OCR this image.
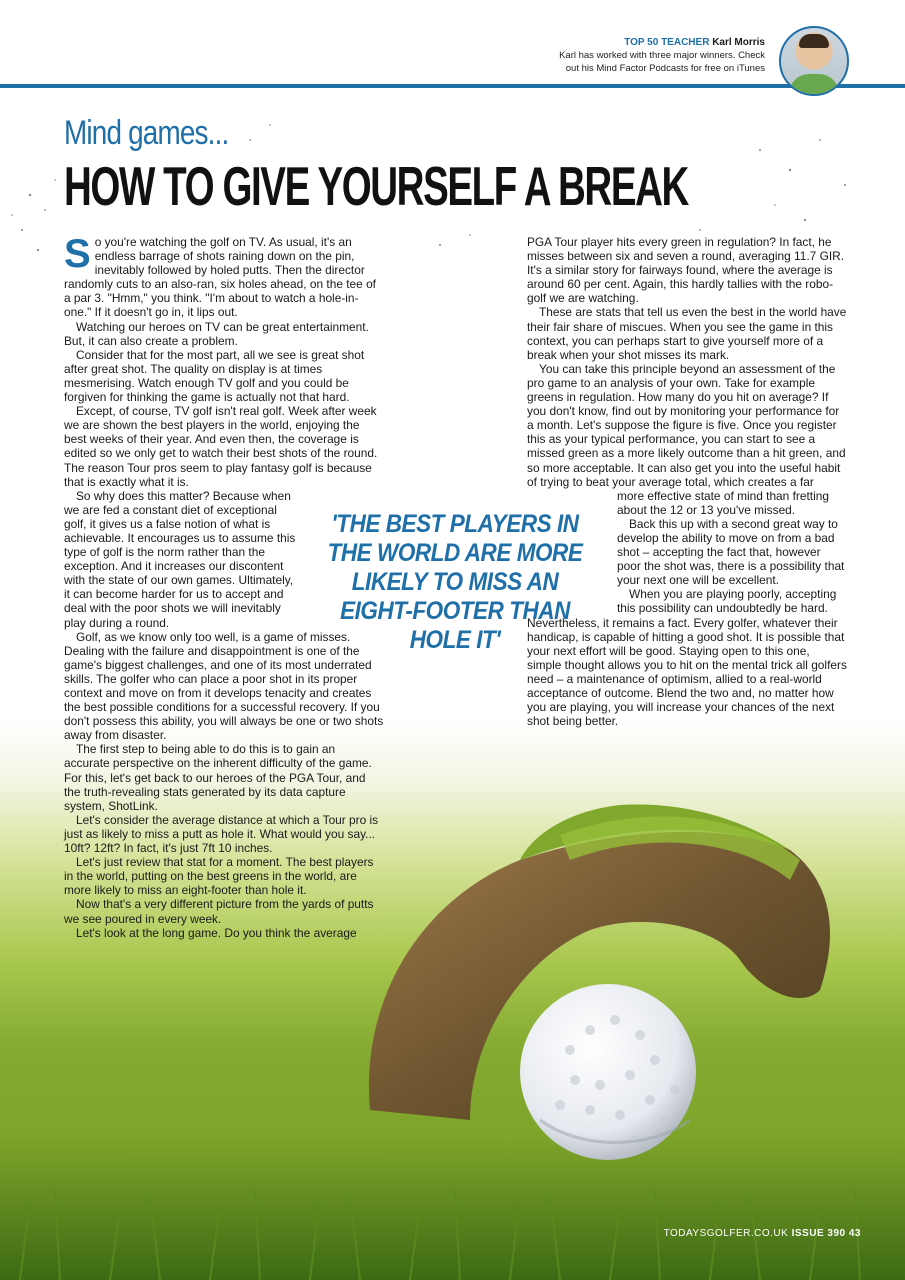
TOP 50 TEACHER Karl Morris
Karl has worked with three major winners. Check
out his Mind Factor Podcasts for free on iTunes
Mind games...
HOW TO GIVE YOURSELF A BREAK

So you're watching the golf on TV. As usual, it's an endless barrage of shots raining down on the pin, inevitably followed by holed putts. Then the director randomly cuts to an also-ran, six holes ahead, on the tee of a par 3. "Hmm," you think. "I'm about to watch a hole-in-one." If it doesn't go in, it lips out.

Watching our heroes on TV can be great entertainment. But, it can also create a problem.

Consider that for the most part, all we see is great shot after great shot. The quality on display is at times mesmerising. Watch enough TV golf and you could be forgiven for thinking the game is actually not that hard.

Except, of course, TV golf isn't real golf. Week after week we are shown the best players in the world, enjoying the best weeks of their year. And even then, the coverage is edited so we only get to watch their best shots of the round. The reason Tour pros seem to play fantasy golf is because that is exactly what it is.

So why does this matter? Because when we are fed a constant diet of exceptional golf, it gives us a false notion of what is achievable. It encourages us to assume this type of golf is the norm rather than the exception. And it increases our discontent with the state of our own games. Ultimately, it can become harder for us to accept and deal with the poor shots we will inevitably play during a round.

Golf, as we know only too well, is a game of misses. Dealing with the failure and disappointment is one of the game's biggest challenges, and one of its most underrated skills. The golfer who can place a poor shot in its proper context and move on from it develops tenacity and creates the best possible conditions for a successful recovery. If you don't possess this ability, you will always be one or two shots away from disaster.

The first step to being able to do this is to gain an accurate perspective on the inherent difficulty of the game. For this, let's get back to our heroes of the PGA Tour, and the truth-revealing stats generated by its data capture system, ShotLink.

Let's consider the average distance at which a Tour pro is just as likely to miss a putt as hole it. What would you say... 10ft? 12ft? In fact, it's just 7ft 10 inches.

Let's just review that stat for a moment. The best players in the world, putting on the best greens in the world, are more likely to miss an eight-footer than hole it.

Now that's a very different picture from the yards of putts we see poured in every week.

Let's look at the long game. Do you think the average

PGA Tour player hits every green in regulation? In fact, he misses between six and seven a round, averaging 11.7 GIR. It's a similar story for fairways found, where the average is around 60 per cent. Again, this hardly tallies with the robo-golf we are watching.

These are stats that tell us even the best in the world have their fair share of miscues. When you see the game in this context, you can perhaps start to give yourself more of a break when your shot misses its mark.

You can take this principle beyond an assessment of the pro game to an analysis of your own. Take for example greens in regulation. How many do you hit on average? If you don't know, find out by monitoring your performance for a month. Let's suppose the figure is five. Once you register this as your typical performance, you can start to see a missed green as a more likely outcome than a hit green, and so more acceptable. It can also get you into the useful habit of trying to beat your average total, which creates a far

more effective state of mind than fretting about the 12 or 13 you've missed.

Back this up with a second great way to develop the ability to move on from a bad shot – accepting the fact that, however poor the shot was, there is a possibility that your next one will be excellent.

When you are playing poorly, accepting this possibility can undoubtedly be hard.

Nevertheless, it remains a fact. Every golfer, whatever their handicap, is capable of hitting a good shot. It is possible that your next effort will be good. Staying open to this one, simple thought allows you to hit on the mental trick all golfers need – a maintenance of optimism, allied to a real-world acceptance of outcome. Blend the two and, no matter how you are playing, you will increase your chances of the next shot being better.

'THE BEST PLAYERS IN THE WORLD ARE MORE LIKELY TO MISS AN EIGHT-FOOTER THAN HOLE IT'
TODAYSGOLFER.CO.UK ISSUE 390 43
